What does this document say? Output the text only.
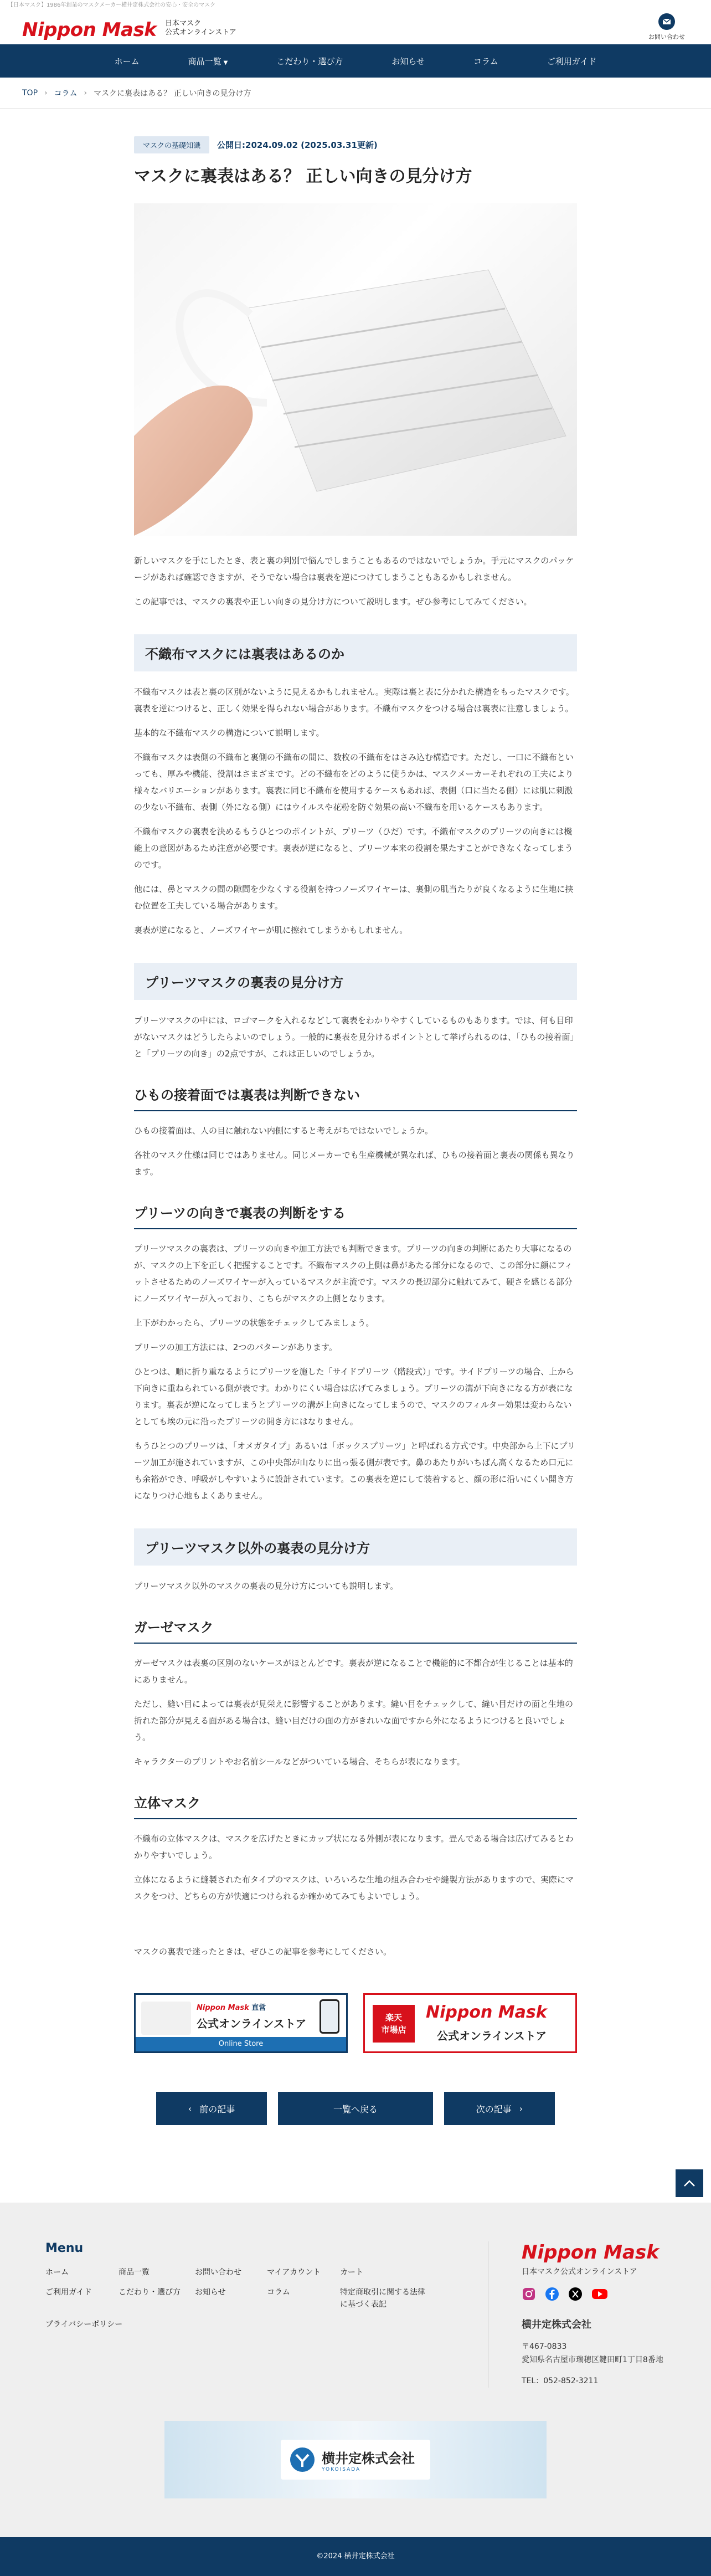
【日本マスク】1986年創業のマスクメーカー横井定株式会社の安心・安全のマスク
Nippon Mask 日本マスク
公式オンラインストア
お問い合わせ
ホーム	商品一覧 ▼	こだわり・選び方	お知らせ	コラム	ご利用ガイド
TOP › コラム › マスクに裏表はある？ 正しい向きの見分け方
マスクの基礎知識	公開日:2024.09.02 (2025.03.31更新)
マスクに裏表はある？ 正しい向きの見分け方

新しいマスクを手にしたとき、表と裏の判別で悩んでしまうこともあるのではないでしょうか。手元にマスクのパッケージがあれば確認できますが、そうでない場合は裏表を逆につけてしまうこともあるかもしれません。

この記事では、マスクの裏表や正しい向きの見分け方について説明します。ぜひ参考にしてみてください。

不織布マスクには裏表はあるのか

不織布マスクは表と裏の区別がないように見えるかもしれません。実際は裏と表に分かれた構造をもったマスクです。裏表を逆につけると、正しく効果を得られない場合があります。不織布マスクをつける場合は裏表に注意しましょう。

基本的な不織布マスクの構造について説明します。

不織布マスクは表側の不織布と裏側の不織布の間に、数枚の不織布をはさみ込む構造です。ただし、一口に不織布といっても、厚みや機能、役割はさまざまです。どの不織布をどのように使うかは、マスクメーカーそれぞれの工夫により様々なバリエーションがあります。裏表に同じ不織布を使用するケースもあれば、表側（口に当たる側）には肌に刺激の少ない不織布、表側（外になる側）にはウイルスや花粉を防ぐ効果の高い不織布を用いるケースもあります。

不織布マスクの裏表を決めるもうひとつのポイントが、プリーツ（ひだ）です。不織布マスクのプリーツの向きには機能上の意図があるため注意が必要です。裏表が逆になると、プリーツ本来の役割を果たすことができなくなってしまうのです。

他には、鼻とマスクの間の隙間を少なくする役割を持つノーズワイヤーは、裏側の肌当たりが良くなるように生地に挟む位置を工夫している場合があります。

裏表が逆になると、ノーズワイヤーが肌に擦れてしまうかもしれません。

プリーツマスクの裏表の見分け方

プリーツマスクの中には、ロゴマークを入れるなどして裏表をわかりやすくしているものもあります。では、何も目印がないマスクはどうしたらよいのでしょう。一般的に裏表を見分けるポイントとして挙げられるのは、「ひもの接着面」と「プリーツの向き」の2点ですが、これは正しいのでしょうか。

ひもの接着面では裏表は判断できない

ひもの接着面は、人の目に触れない内側にすると考えがちではないでしょうか。

各社のマスク仕様は同じではありません。同じメーカーでも生産機械が異なれば、ひもの接着面と裏表の関係も異なります。

プリーツの向きで裏表の判断をする

プリーツマスクの裏表は、プリーツの向きや加工方法でも判断できます。プリーツの向きの判断にあたり大事になるのが、マスクの上下を正しく把握することです。不織布マスクの上側は鼻があたる部分になるので、この部分に顔にフィットさせるためのノーズワイヤーが入っているマスクが主流です。マスクの長辺部分に触れてみて、硬さを感じる部分にノーズワイヤーが入っており、こちらがマスクの上側となります。

上下がわかったら、プリーツの状態をチェックしてみましょう。

プリーツの加工方法には、2つのパターンがあります。

ひとつは、順に折り重なるようにプリーツを施した「サイドプリーツ（階段式）」です。サイドプリーツの場合、上から下向きに重ねられている側が表です。わかりにくい場合は広げてみましょう。プリーツの溝が下向きになる方が表になります。裏表が逆になってしまうとプリーツの溝が上向きになってしまうので、マスクのフィルター効果は変わらないとしても埃の元に沿ったプリーツの開き方にはなりません。

もうひとつのプリーツは、「オメガタイプ」あるいは「ボックスプリーツ」と呼ばれる方式です。中央部から上下にプリーツ加工が施されていますが、この中央部が山なりに出っ張る側が表です。鼻のあたりがいちばん高くなるため口元にも余裕ができ、呼吸がしやすいように設計されています。この裏表を逆にして装着すると、顔の形に沿いにくい開き方になりつけ心地もよくありません。

プリーツマスク以外の裏表の見分け方

プリーツマスク以外のマスクの裏表の見分け方についても説明します。

ガーゼマスク

ガーゼマスクは表裏の区別のないケースがほとんどです。裏表が逆になることで機能的に不都合が生じることは基本的にありません。

ただし、縫い目によっては裏表が見栄えに影響することがあります。縫い目をチェックして、縫い目だけの面と生地の折れた部分が見える面がある場合は、縫い目だけの面の方がきれいな面ですから外になるようにつけると良いでしょう。

キャラクターのプリントやお名前シールなどがついている場合、そちらが表になります。

立体マスク

不織布の立体マスクは、マスクを広げたときにカップ状になる外側が表になります。畳んである場合は広げてみるとわかりやすいでしょう。

立体になるように縫製された布タイプのマスクは、いろいろな生地の組み合わせや縫製方法がありますので、実際にマスクをつけ、どちらの方が快適につけられるか確かめてみてもよいでしょう。

マスクの裏表で迷ったときは、ぜひこの記事を参考にしてください。

Nippon Mask 直営
公式オンラインストア
Online Store
楽天
市場店
Nippon Mask
公式オンラインストア
‹ 前の記事	一覧へ戻る	次の記事 ›
Menu
ホーム	商品一覧	お問い合わせ	マイアカウント	カート
ご利用ガイド	こだわり・選び方	お知らせ	コラム	特定商取引に関する法律に基づく表記
プライバシーポリシー
Nippon Mask
日本マスク公式オンラインストア
横井定株式会社
〒467-0833
愛知県名古屋市瑞穂区鍵田町1丁目8番地
TEL：052-852-3211
横井定株式会社
YOKOISADA
©2024 横井定株式会社
